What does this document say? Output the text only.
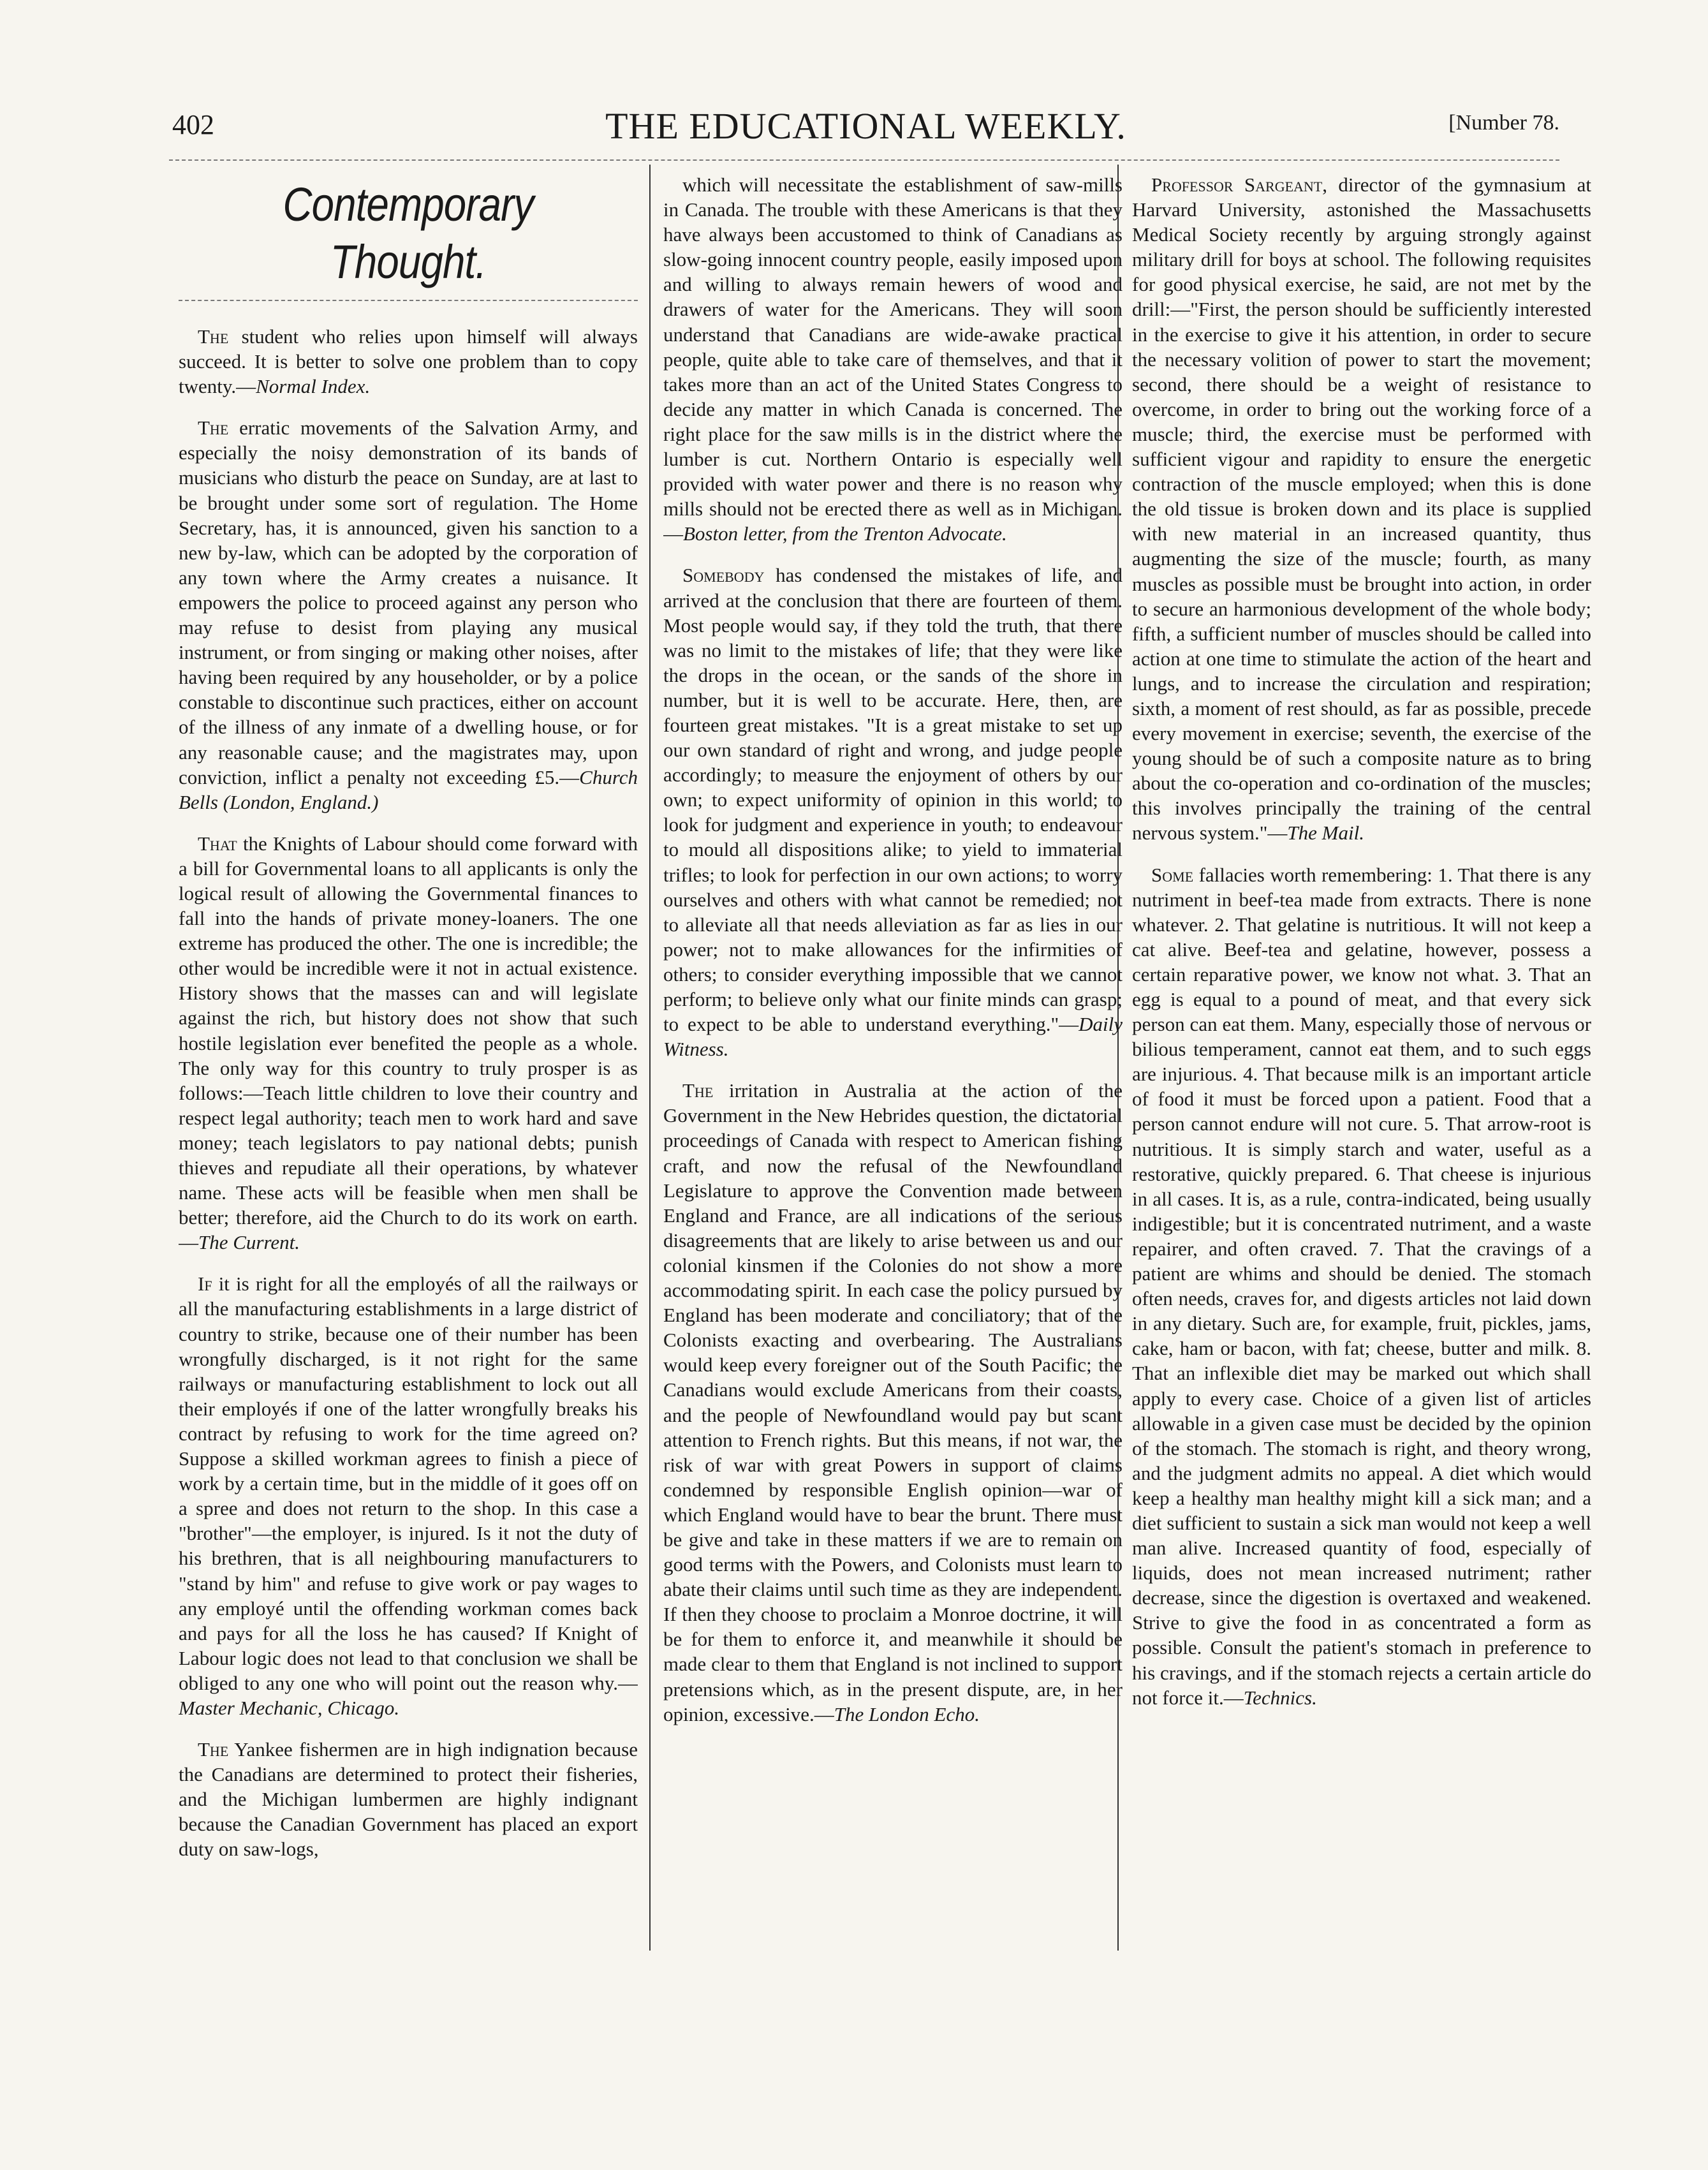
402	THE EDUCATIONAL WEEKLY.	[Number 78.
Contemporary Thought.

The student who relies upon himself will always succeed. It is better to solve one problem than to copy twenty.—Normal Index.

The erratic movements of the Salvation Army, and especially the noisy demonstration of its bands of musicians who disturb the peace on Sunday, are at last to be brought under some sort of regulation. The Home Secretary, has, it is announced, given his sanction to a new by-law, which can be adopted by the corporation of any town where the Army creates a nuisance. It empowers the police to proceed against any person who may refuse to desist from playing any musical instrument, or from singing or making other noises, after having been required by any householder, or by a police constable to discontinue such practices, either on account of the illness of any inmate of a dwelling house, or for any reasonable cause; and the magistrates may, upon conviction, inflict a penalty not exceeding £5.—Church Bells (London, England.)

That the Knights of Labour should come forward with a bill for Governmental loans to all applicants is only the logical result of allowing the Governmental finances to fall into the hands of private money-loaners. The one extreme has produced the other. The one is incredible; the other would be incredible were it not in actual existence. History shows that the masses can and will legislate against the rich, but history does not show that such hostile legislation ever benefited the people as a whole. The only way for this country to truly prosper is as follows:—Teach little children to love their country and respect legal authority; teach men to work hard and save money; teach legislators to pay national debts; punish thieves and repudiate all their operations, by whatever name. These acts will be feasible when men shall be better; therefore, aid the Church to do its work on earth.—The Current.

If it is right for all the employés of all the railways or all the manufacturing establishments in a large district of country to strike, because one of their number has been wrongfully discharged, is it not right for the same railways or manufacturing establishment to lock out all their employés if one of the latter wrongfully breaks his contract by refusing to work for the time agreed on? Suppose a skilled workman agrees to finish a piece of work by a certain time, but in the middle of it goes off on a spree and does not return to the shop. In this case a "brother"—the employer, is injured. Is it not the duty of his brethren, that is all neighbouring manufacturers to "stand by him" and refuse to give work or pay wages to any employé until the offending workman comes back and pays for all the loss he has caused? If Knight of Labour logic does not lead to that conclusion we shall be obliged to any one who will point out the reason why.—Master Mechanic, Chicago.

The Yankee fishermen are in high indignation because the Canadians are determined to protect their fisheries, and the Michigan lumbermen are highly indignant because the Canadian Government has placed an export duty on saw-logs,

which will necessitate the establishment of saw-mills in Canada. The trouble with these Americans is that they have always been accustomed to think of Canadians as slow-going innocent country people, easily imposed upon and willing to always remain hewers of wood and drawers of water for the Americans. They will soon understand that Canadians are wide-awake practical people, quite able to take care of themselves, and that it takes more than an act of the United States Congress to decide any matter in which Canada is concerned. The right place for the saw mills is in the district where the lumber is cut. Northern Ontario is especially well provided with water power and there is no reason why mills should not be erected there as well as in Michigan.—Boston letter, from the Trenton Advocate.

Somebody has condensed the mistakes of life, and arrived at the conclusion that there are fourteen of them. Most people would say, if they told the truth, that there was no limit to the mistakes of life; that they were like the drops in the ocean, or the sands of the shore in number, but it is well to be accurate. Here, then, are fourteen great mistakes. "It is a great mistake to set up our own standard of right and wrong, and judge people accordingly; to measure the enjoyment of others by our own; to expect uniformity of opinion in this world; to look for judgment and experience in youth; to endeavour to mould all dispositions alike; to yield to immaterial trifles; to look for perfection in our own actions; to worry ourselves and others with what cannot be remedied; not to alleviate all that needs alleviation as far as lies in our power; not to make allowances for the infirmities of others; to consider everything impossible that we cannot perform; to believe only what our finite minds can grasp; to expect to be able to understand everything."—Daily Witness.

The irritation in Australia at the action of the Government in the New Hebrides question, the dictatorial proceedings of Canada with respect to American fishing craft, and now the refusal of the Newfoundland Legislature to approve the Convention made between England and France, are all indications of the serious disagreements that are likely to arise between us and our colonial kinsmen if the Colonies do not show a more accommodating spirit. In each case the policy pursued by England has been moderate and conciliatory; that of the Colonists exacting and overbearing. The Australians would keep every foreigner out of the South Pacific; the Canadians would exclude Americans from their coasts, and the people of Newfoundland would pay but scant attention to French rights. But this means, if not war, the risk of war with great Powers in support of claims condemned by responsible English opinion—war of which England would have to bear the brunt. There must be give and take in these matters if we are to remain on good terms with the Powers, and Colonists must learn to abate their claims until such time as they are independent. If then they choose to proclaim a Monroe doctrine, it will be for them to enforce it, and meanwhile it should be made clear to them that England is not inclined to support pretensions which, as in the present dispute, are, in her opinion, excessive.—The London Echo.

Professor Sargeant, director of the gymnasium at Harvard University, astonished the Massachusetts Medical Society recently by arguing strongly against military drill for boys at school. The following requisites for good physical exercise, he said, are not met by the drill:—"First, the person should be sufficiently interested in the exercise to give it his attention, in order to secure the necessary volition of power to start the movement; second, there should be a weight of resistance to overcome, in order to bring out the working force of a muscle; third, the exercise must be performed with sufficient vigour and rapidity to ensure the energetic contraction of the muscle employed; when this is done the old tissue is broken down and its place is supplied with new material in an increased quantity, thus augmenting the size of the muscle; fourth, as many muscles as possible must be brought into action, in order to secure an harmonious development of the whole body; fifth, a sufficient number of muscles should be called into action at one time to stimulate the action of the heart and lungs, and to increase the circulation and respiration; sixth, a moment of rest should, as far as possible, precede every movement in exercise; seventh, the exercise of the young should be of such a composite nature as to bring about the co-operation and co-ordination of the muscles; this involves principally the training of the central nervous system."—The Mail.

Some fallacies worth remembering: 1. That there is any nutriment in beef-tea made from extracts. There is none whatever. 2. That gelatine is nutritious. It will not keep a cat alive. Beef-tea and gelatine, however, possess a certain reparative power, we know not what. 3. That an egg is equal to a pound of meat, and that every sick person can eat them. Many, especially those of nervous or bilious temperament, cannot eat them, and to such eggs are injurious. 4. That because milk is an important article of food it must be forced upon a patient. Food that a person cannot endure will not cure. 5. That arrow-root is nutritious. It is simply starch and water, useful as a restorative, quickly prepared. 6. That cheese is injurious in all cases. It is, as a rule, contra-indicated, being usually indigestible; but it is concentrated nutriment, and a waste repairer, and often craved. 7. That the cravings of a patient are whims and should be denied. The stomach often needs, craves for, and digests articles not laid down in any dietary. Such are, for example, fruit, pickles, jams, cake, ham or bacon, with fat; cheese, butter and milk. 8. That an inflexible diet may be marked out which shall apply to every case. Choice of a given list of articles allowable in a given case must be decided by the opinion of the stomach. The stomach is right, and theory wrong, and the judgment admits no appeal. A diet which would keep a healthy man healthy might kill a sick man; and a diet sufficient to sustain a sick man would not keep a well man alive. Increased quantity of food, especially of liquids, does not mean increased nutriment; rather decrease, since the digestion is overtaxed and weakened. Strive to give the food in as concentrated a form as possible. Consult the patient's stomach in preference to his cravings, and if the stomach rejects a certain article do not force it.—Technics.
